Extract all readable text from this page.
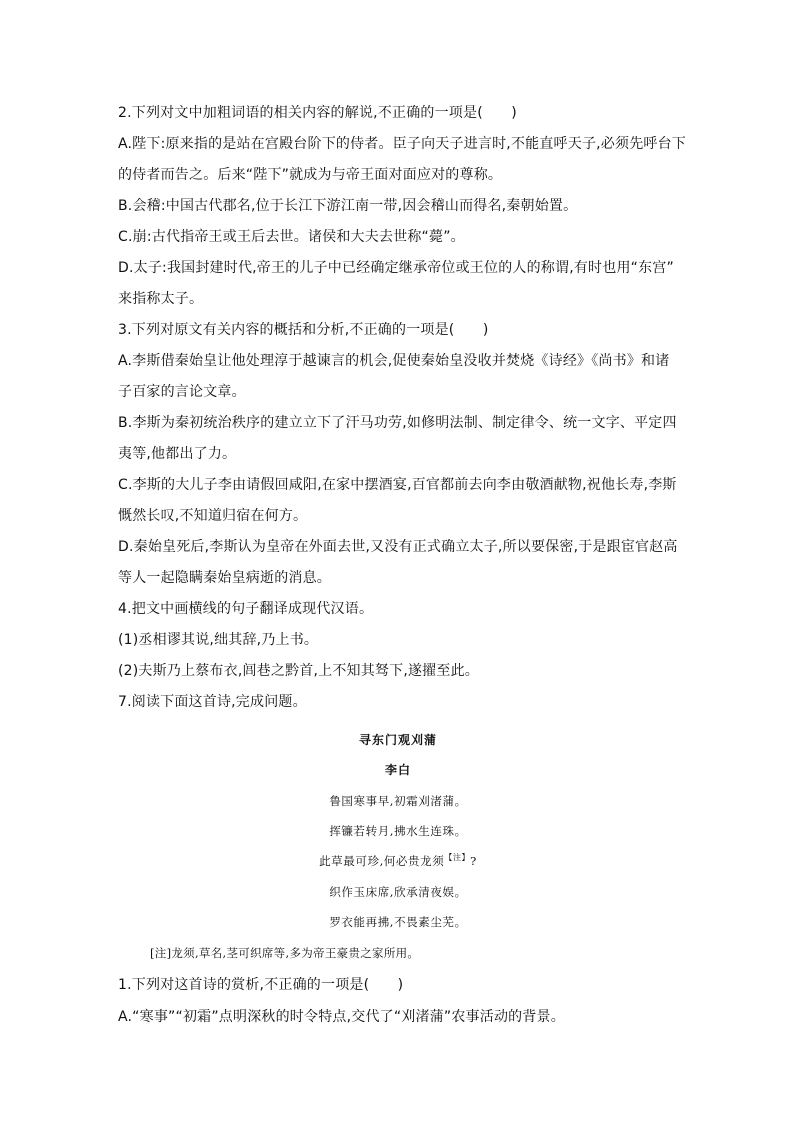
2.下列对文中加粗词语的相关内容的解说,不正确的一项是(　　)
A.陛下:原来指的是站在宫殿台阶下的侍者。臣子向天子进言时,不能直呼天子,必须先呼台下
的侍者而告之。后来“陛下”就成为与帝王面对面应对的尊称。
B.会稽:中国古代郡名,位于长江下游江南一带,因会稽山而得名,秦朝始置。
C.崩:古代指帝王或王后去世。诸侯和大夫去世称“薨”。
D.太子:我国封建时代,帝王的儿子中已经确定继承帝位或王位的人的称谓,有时也用“东宫”
来指称太子。
3.下列对原文有关内容的概括和分析,不正确的一项是(　　)
A.李斯借秦始皇让他处理淳于越谏言的机会,促使秦始皇没收并焚烧《诗经》《尚书》和诸
子百家的言论文章。
B.李斯为秦初统治秩序的建立立下了汗马功劳,如修明法制、制定律令、统一文字、平定四
夷等,他都出了力。
C.李斯的大儿子李由请假回咸阳,在家中摆酒宴,百官都前去向李由敬酒献物,祝他长寿,李斯
慨然长叹,不知道归宿在何方。
D.秦始皇死后,李斯认为皇帝在外面去世,又没有正式确立太子,所以要保密,于是跟宦官赵高
等人一起隐瞒秦始皇病逝的消息。
4.把文中画横线的句子翻译成现代汉语。
(1)丞相谬其说,绌其辞,乃上书。
(2)夫斯乃上蔡布衣,闾巷之黔首,上不知其驽下,遂擢至此。
7.阅读下面这首诗,完成问题。
寻东门观刈蒲
李白
鲁国寒事早,初霜刈渚蒲。
挥镰若转月,拂水生连珠。
此草最可珍,何必贵龙须$^{【注】}$?
织作玉床席,欣承清夜娱。
罗衣能再拂,不畏素尘芜。
[注]龙须,草名,茎可织席等,多为帝王豪贵之家所用。
1.下列对这首诗的赏析,不正确的一项是(　　)
A.“寒事”“初霜”点明深秋的时令特点,交代了“刈渚蒲”农事活动的背景。
